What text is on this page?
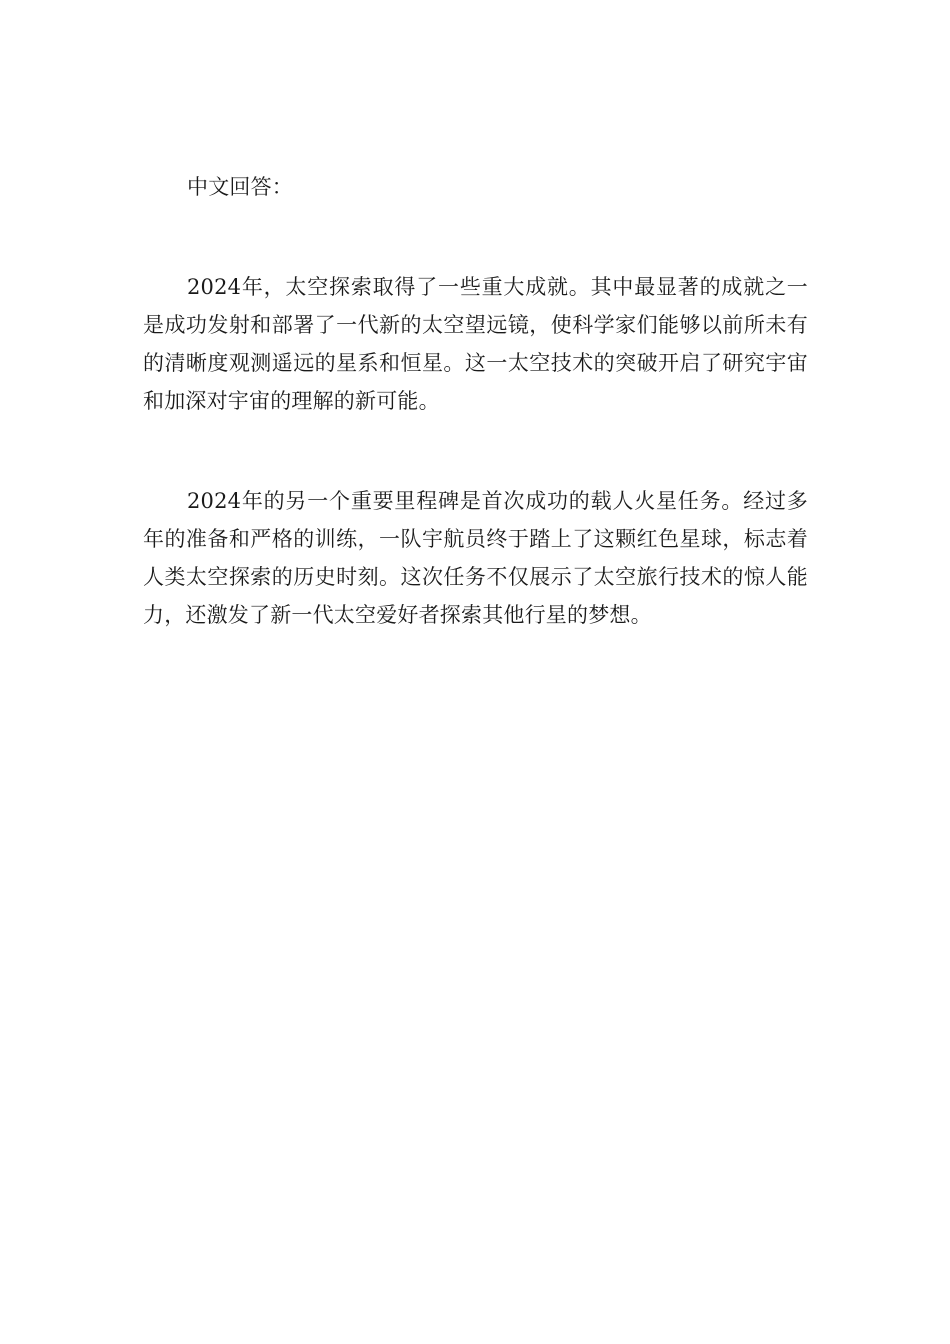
中文回答：

2024年，太空探索取得了一些重大成就。其中最显著的成就之一是成功发射和部署了一代新的太空望远镜，使科学家们能够以前所未有的清晰度观测遥远的星系和恒星。这一太空技术的突破开启了研究宇宙和加深对宇宙的理解的新可能。

2024年的另一个重要里程碑是首次成功的载人火星任务。经过多年的准备和严格的训练，一队宇航员终于踏上了这颗红色星球，标志着人类太空探索的历史时刻。这次任务不仅展示了太空旅行技术的惊人能力，还激发了新一代太空爱好者探索其他行星的梦想。
